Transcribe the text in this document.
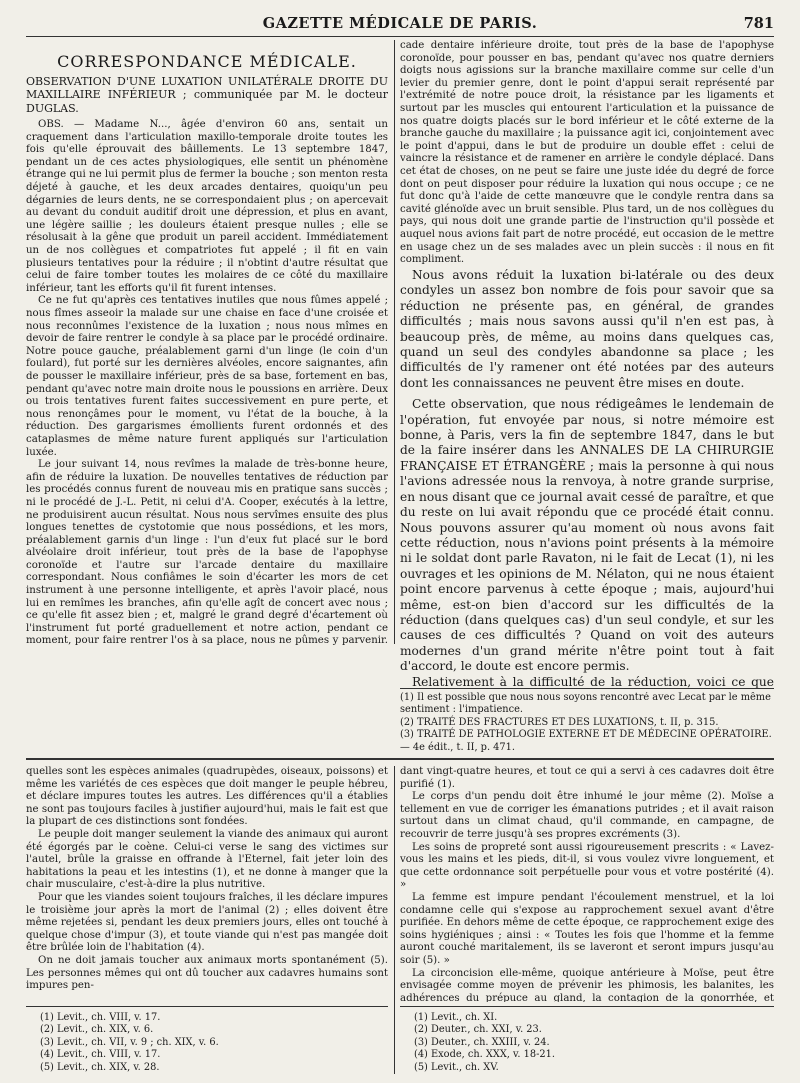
GAZETTE MÉDICALE DE PARIS.	781
CORRESPONDANCE MÉDICALE.

OBSERVATION D'UNE LUXATION UNILATÉRALE DROITE DU MAXILLAIRE INFÉRIEUR ; communiquée par M. le docteur DUGLAS.

OBS. — Madame N..., âgée d'environ 60 ans, sentait un craquement dans l'articulation maxillo-temporale droite toutes les fois qu'elle éprouvait des bâillements. Le 13 septembre 1847, pendant un de ces actes physiologiques, elle sentit un phénomène étrange qui ne lui permit plus de fermer la bouche ; son menton resta déjeté à gauche, et les deux arcades dentaires, quoiqu'un peu dégarnies de leurs dents, ne se correspondaient plus ; on apercevait au devant du conduit auditif droit une dépression, et plus en avant, une légère saillie ; les douleurs étaient presque nulles ; elle se résolusait à la gêne que produit un pareil accident. Immédiatement un de nos collègues et compatriotes fut appelé ; il fit en vain plusieurs tentatives pour la réduire ; il n'obtint d'autre résultat que celui de faire tomber toutes les molaires de ce côté du maxillaire inférieur, tant les efforts qu'il fit furent intenses.

Ce ne fut qu'après ces tentatives inutiles que nous fûmes appelé ; nous fîmes asseoir la malade sur une chaise en face d'une croisée et nous reconnûmes l'existence de la luxation ; nous nous mîmes en devoir de faire rentrer le condyle à sa place par le procédé ordinaire. Notre pouce gauche, préalablement garni d'un linge (le coin d'un foulard), fut porté sur les dernières alvéoles, encore saignantes, afin de pousser le maxillaire inférieur, près de sa base, fortement en bas, pendant qu'avec notre main droite nous le poussions en arrière. Deux ou trois tentatives furent faites successivement en pure perte, et nous renonçâmes pour le moment, vu l'état de la bouche, à la réduction. Des gargarismes émollients furent ordonnés et des cataplasmes de même nature furent appliqués sur l'articulation luxée.

Le jour suivant 14, nous revîmes la malade de très-bonne heure, afin de réduire la luxation. De nouvelles tentatives de réduction par les procédés connus furent de nouveau mis en pratique sans succès ; ni le procédé de J.-L. Petit, ni celui d'A. Cooper, exécutés à la lettre, ne produisirent aucun résultat. Nous nous servîmes ensuite des plus longues tenettes de cystotomie que nous possédions, et les mors, préalablement garnis d'un linge : l'un d'eux fut placé sur le bord alvéolaire droit inférieur, tout près de la base de l'apophyse coronoïde et l'autre sur l'arcade dentaire du maxillaire correspondant. Nous confiâmes le soin d'écarter les mors de cet instrument à une personne intelligente, et après l'avoir placé, nous lui en remîmes les branches, afin qu'elle agît de concert avec nous ; ce qu'elle fit assez bien ; et, malgré le grand degré d'écartement où l'instrument fut porté graduellement et notre action, pendant ce moment, pour faire rentrer l'os à sa place, nous ne pûmes y parvenir.

cade dentaire inférieure droite, tout près de la base de l'apophyse coronoïde, pour pousser en bas, pendant qu'avec nos quatre derniers doigts nous agissions sur la branche maxillaire comme sur celle d'un levier du premier genre, dont le point d'appui serait représenté par l'extrémité de notre pouce droit, la résistance par les ligaments et surtout par les muscles qui entourent l'articulation et la puissance de nos quatre doigts placés sur le bord inférieur et le côté externe de la branche gauche du maxillaire ; la puissance agit ici, conjointement avec le point d'appui, dans le but de produire un double effet : celui de vaincre la résistance et de ramener en arrière le condyle déplacé. Dans cet état de choses, on ne peut se faire une juste idée du degré de force dont on peut disposer pour réduire la luxation qui nous occupe ; ce ne fut donc qu'à l'aide de cette manœuvre que le condyle rentra dans sa cavité glénoïde avec un bruit sensible. Plus tard, un de nos collègues du pays, qui nous doit une grande partie de l'instruction qu'il possède et auquel nous avions fait part de notre procédé, eut occasion de le mettre en usage chez un de ses malades avec un plein succès : il nous en fit compliment.

Nous avons réduit la luxation bi-latérale ou des deux condyles un assez bon nombre de fois pour savoir que sa réduction ne présente pas, en général, de grandes difficultés ; mais nous savons aussi qu'il n'en est pas, à beaucoup près, de même, au moins dans quelques cas, quand un seul des condyles abandonne sa place ; les difficultés de l'y ramener ont été notées par des auteurs dont les connaissances ne peuvent être mises en doute.

Cette observation, que nous rédigeâmes le lendemain de l'opération, fut envoyée par nous, si notre mémoire est bonne, à Paris, vers la fin de septembre 1847, dans le but de la faire insérer dans les ANNALES DE LA CHIRURGIE FRANÇAISE ET ÉTRANGÈRE ; mais la personne à qui nous l'avions adressée nous la renvoya, à notre grande surprise, en nous disant que ce journal avait cessé de paraître, et que du reste on lui avait répondu que ce procédé était connu. Nous pouvons assurer qu'au moment où nous avons fait cette réduction, nous n'avions point présents à la mémoire ni le soldat dont parle Ravaton, ni le fait de Lecat (1), ni les ouvrages et les opinions de M. Nélaton, qui ne nous étaient point encore parvenus à cette époque ; mais, aujourd'hui même, est-on bien d'accord sur les difficultés de la réduction (dans quelques cas) d'un seul condyle, et sur les causes de ces difficultés ? Quand on voit des auteurs modernes d'un grand mérite n'être point tout à fait d'accord, le doute est encore permis.

Relativement à la difficulté de la réduction, voici ce que

(1) Il est possible que nous nous soyons rencontré avec Lecat par le même sentiment : l'impatience.

(2) TRAITÉ DES FRACTURES ET DES LUXATIONS, t. II, p. 315.

(3) TRAITÉ DE PATHOLOGIE EXTERNE ET DE MÉDECINE OPÉRATOIRE. — 4e édit., t. II, p. 471.

quelles sont les espèces animales (quadrupèdes, oiseaux, poissons) et même les variétés de ces espèces que doit manger le peuple hébreu, et déclare impures toutes les autres. Les différences qu'il a établies ne sont pas toujours faciles à justifier aujourd'hui, mais le fait est que la plupart de ces distinctions sont fondées.

Le peuple doit manger seulement la viande des animaux qui auront été égorgés par le coène. Celui-ci verse le sang des victimes sur l'autel, brûle la graisse en offrande à l'Eternel, fait jeter loin des habitations la peau et les intestins (1), et ne donne à manger que la chair musculaire, c'est-à-dire la plus nutritive.

Pour que les viandes soient toujours fraîches, il les déclare impures le troisième jour après la mort de l'animal (2) ; elles doivent être même rejetées si, pendant les deux premiers jours, elles ont touché à quelque chose d'impur (3), et toute viande qui n'est pas mangée doit être brûlée loin de l'habitation (4).

On ne doit jamais toucher aux animaux morts spontanément (5). Les personnes mêmes qui ont dû toucher aux cadavres humains sont impures pen-

dant vingt-quatre heures, et tout ce qui a servi à ces cadavres doit être purifié (1).

Le corps d'un pendu doit être inhumé le jour même (2). Moïse a tellement en vue de corriger les émanations putrides ; et il avait raison surtout dans un climat chaud, qu'il commande, en campagne, de recouvrir de terre jusqu'à ses propres excréments (3).

Les soins de propreté sont aussi rigoureusement prescrits : « Lavez-vous les mains et les pieds, dit-il, si vous voulez vivre longuement, et que cette ordonnance soit perpétuelle pour vous et votre postérité (4). »

La femme est impure pendant l'écoulement menstruel, et la loi condamne celle qui s'expose au rapprochement sexuel avant d'être purifiée. En dehors même de cette époque, ce rapprochement exige des soins hygiéniques ; ainsi : « Toutes les fois que l'homme et la femme auront couché maritalement, ils se laveront et seront impurs jusqu'au soir (5). »

La circoncision elle-même, quoique antérieure à Moïse, peut être envisagée comme moyen de prévenir les phimosis, les balanites, les adhérences du prépuce au gland, la contagion de la gonorrhée, et

(1) Levit., ch. VIII, v. 17.

(2) Levit., ch. XIX, v. 6.

(3) Levit., ch. VII, v. 9 ; ch. XIX, v. 6.

(4) Levit., ch. VIII, v. 17.

(5) Levit., ch. XIX, v. 28.

(1) Levit., ch. XI.

(2) Deuter., ch. XXI, v. 23.

(3) Deuter., ch. XXIII, v. 24.

(4) Exode, ch. XXX, v. 18-21.

(5) Levit., ch. XV.
